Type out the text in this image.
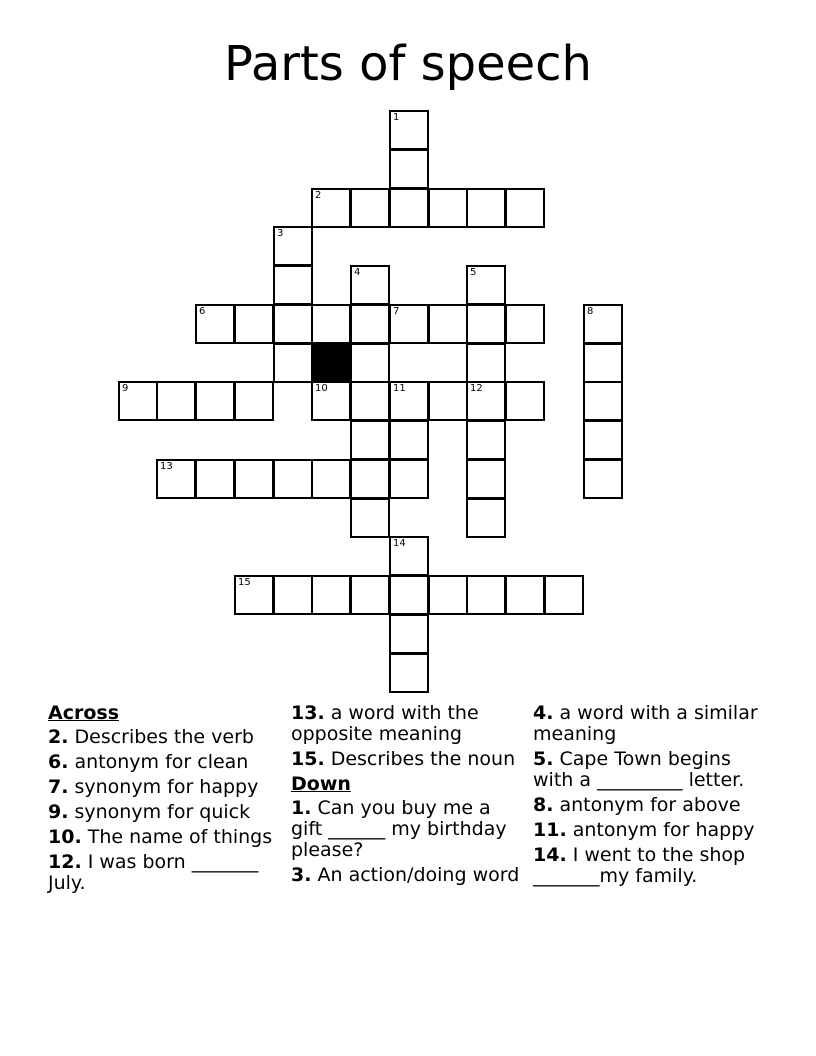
Parts of speech
1
2
3
4	5
6	7	8
9	10	11	12
13
14
15
Across
2. Describes the verb
6. antonym for clean
7. synonym for happy
9. synonym for quick
10. The name of things
12. I was born _______ July.
13. a word with the opposite meaning
15. Describes the noun
Down
1. Can you buy me a gift ______ my birthday please?
3. An action/doing word
4. a word with a similar meaning
5. Cape Town begins with a _________ letter.
8. antonym for above
11. antonym for happy
14. I went to the shop _______my family.
